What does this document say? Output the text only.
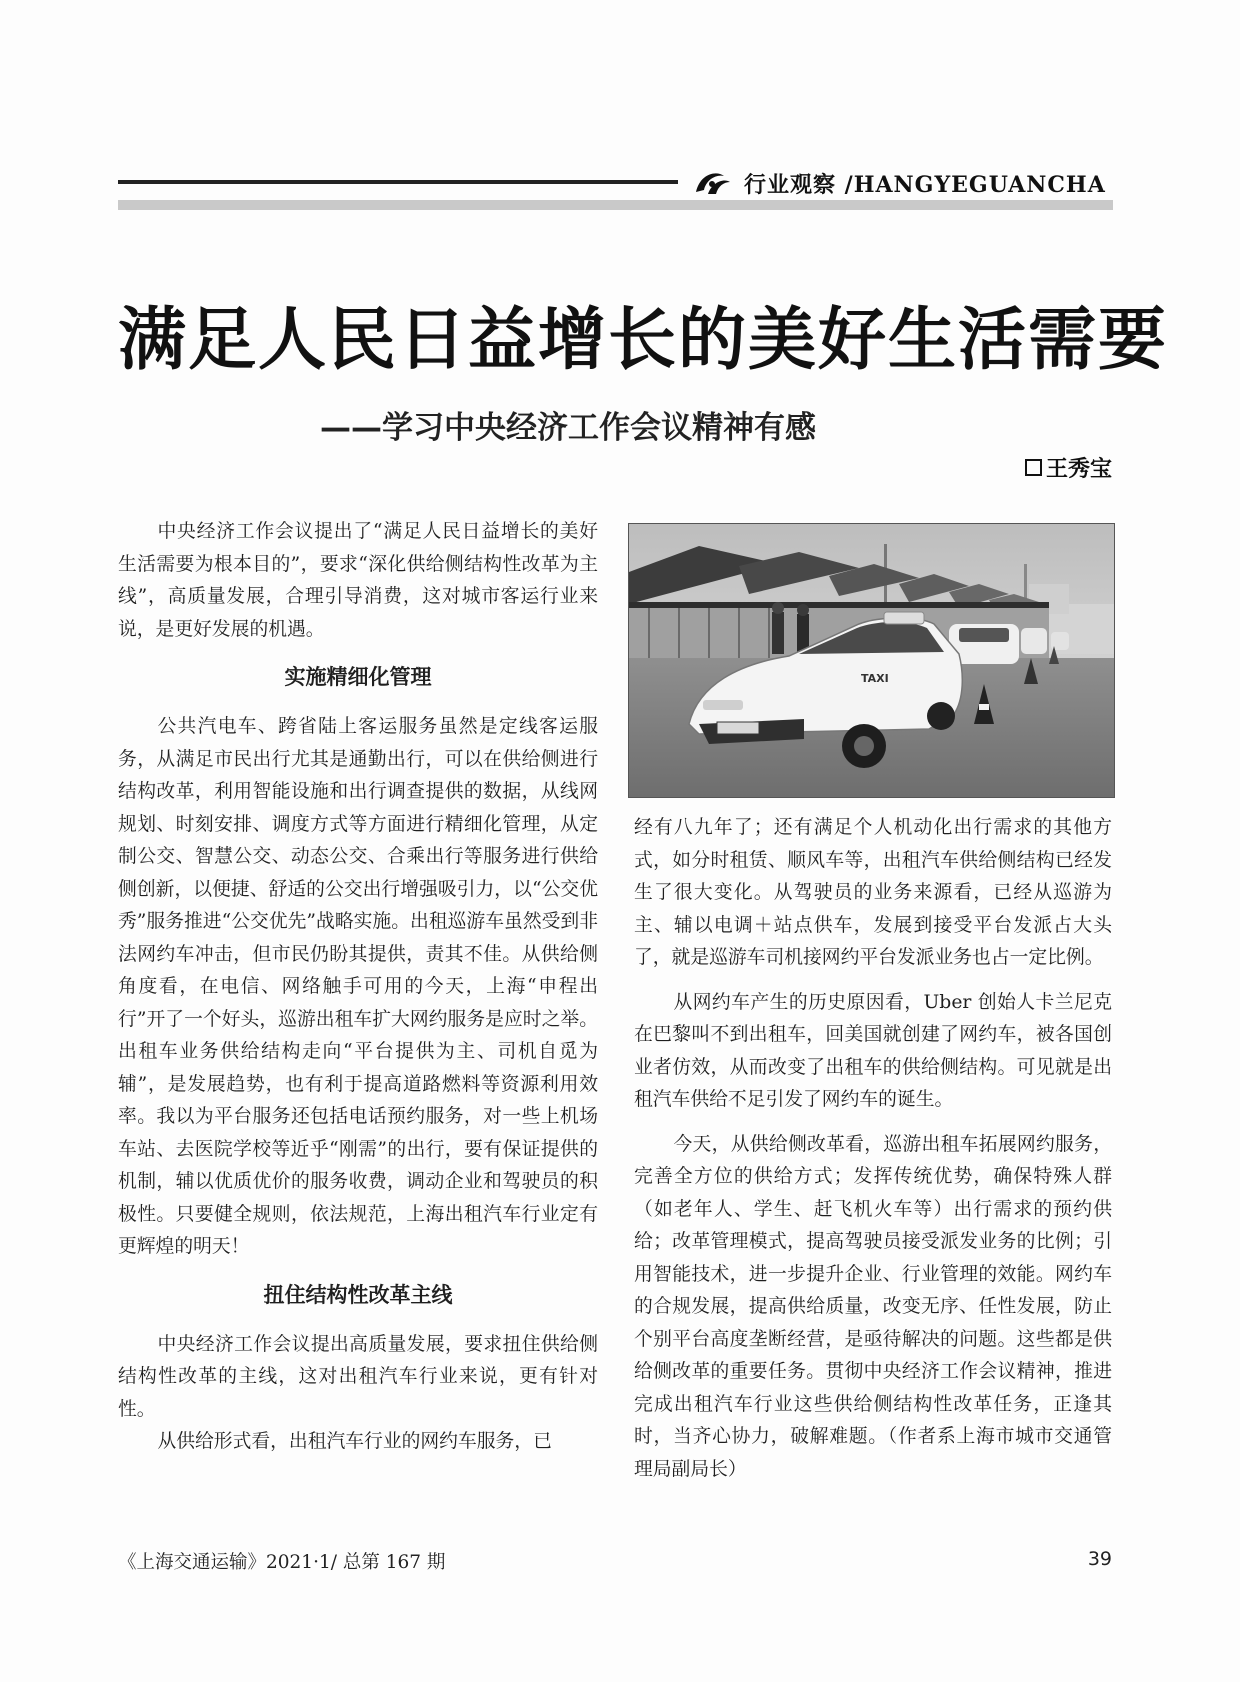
行业观察 /HANGYEGUANCHA
满足人民日益增长的美好生活需要
——学习中央经济工作会议精神有感
王秀宝

中央经济工作会议提出了“满足人民日益增长的美好生活需要为根本目的”，要求“深化供给侧结构性改革为主线”，高质量发展，合理引导消费，这对城市客运行业来说，是更好发展的机遇。

实施精细化管理

公共汽电车、跨省陆上客运服务虽然是定线客运服务，从满足市民出行尤其是通勤出行，可以在供给侧进行结构改革，利用智能设施和出行调查提供的数据，从线网规划、时刻安排、调度方式等方面进行精细化管理，从定制公交、智慧公交、动态公交、合乘出行等服务进行供给侧创新，以便捷、舒适的公交出行增强吸引力，以“公交优秀”服务推进“公交优先”战略实施。出租巡游车虽然受到非法网约车冲击，但市民仍盼其提供，责其不佳。从供给侧角度看，在电信、网络触手可用的今天，上海“申程出行”开了一个好头，巡游出租车扩大网约服务是应时之举。出租车业务供给结构走向“平台提供为主、司机自觅为辅”，是发展趋势，也有利于提高道路燃料等资源利用效率。我以为平台服务还包括电话预约服务，对一些上机场车站、去医院学校等近乎“刚需”的出行，要有保证提供的机制，辅以优质优价的服务收费，调动企业和驾驶员的积极性。只要健全规则，依法规范，上海出租汽车行业定有更辉煌的明天！

扭住结构性改革主线

中央经济工作会议提出高质量发展，要求扭住供给侧结构性改革的主线，这对出租汽车行业来说，更有针对性。

从供给形式看，出租汽车行业的网约车服务，已

TAXI

经有八九年了；还有满足个人机动化出行需求的其他方式，如分时租赁、顺风车等，出租汽车供给侧结构已经发生了很大变化。从驾驶员的业务来源看，已经从巡游为主、辅以电调＋站点供车，发展到接受平台发派占大头了，就是巡游车司机接网约平台发派业务也占一定比例。

从网约车产生的历史原因看，Uber 创始人卡兰尼克在巴黎叫不到出租车，回美国就创建了网约车，被各国创业者仿效，从而改变了出租车的供给侧结构。可见就是出租汽车供给不足引发了网约车的诞生。

今天，从供给侧改革看，巡游出租车拓展网约服务，完善全方位的供给方式；发挥传统优势，确保特殊人群（如老年人、学生、赶飞机火车等）出行需求的预约供给；改革管理模式，提高驾驶员接受派发业务的比例；引用智能技术，进一步提升企业、行业管理的效能。网约车的合规发展，提高供给质量，改变无序、任性发展，防止个别平台高度垄断经营，是亟待解决的问题。这些都是供给侧改革的重要任务。贯彻中央经济工作会议精神，推进完成出租汽车行业这些供给侧结构性改革任务，正逢其时，当齐心协力，破解难题。（作者系上海市城市交通管理局副局长）

《上海交通运输》2021·1/ 总第 167 期	39
